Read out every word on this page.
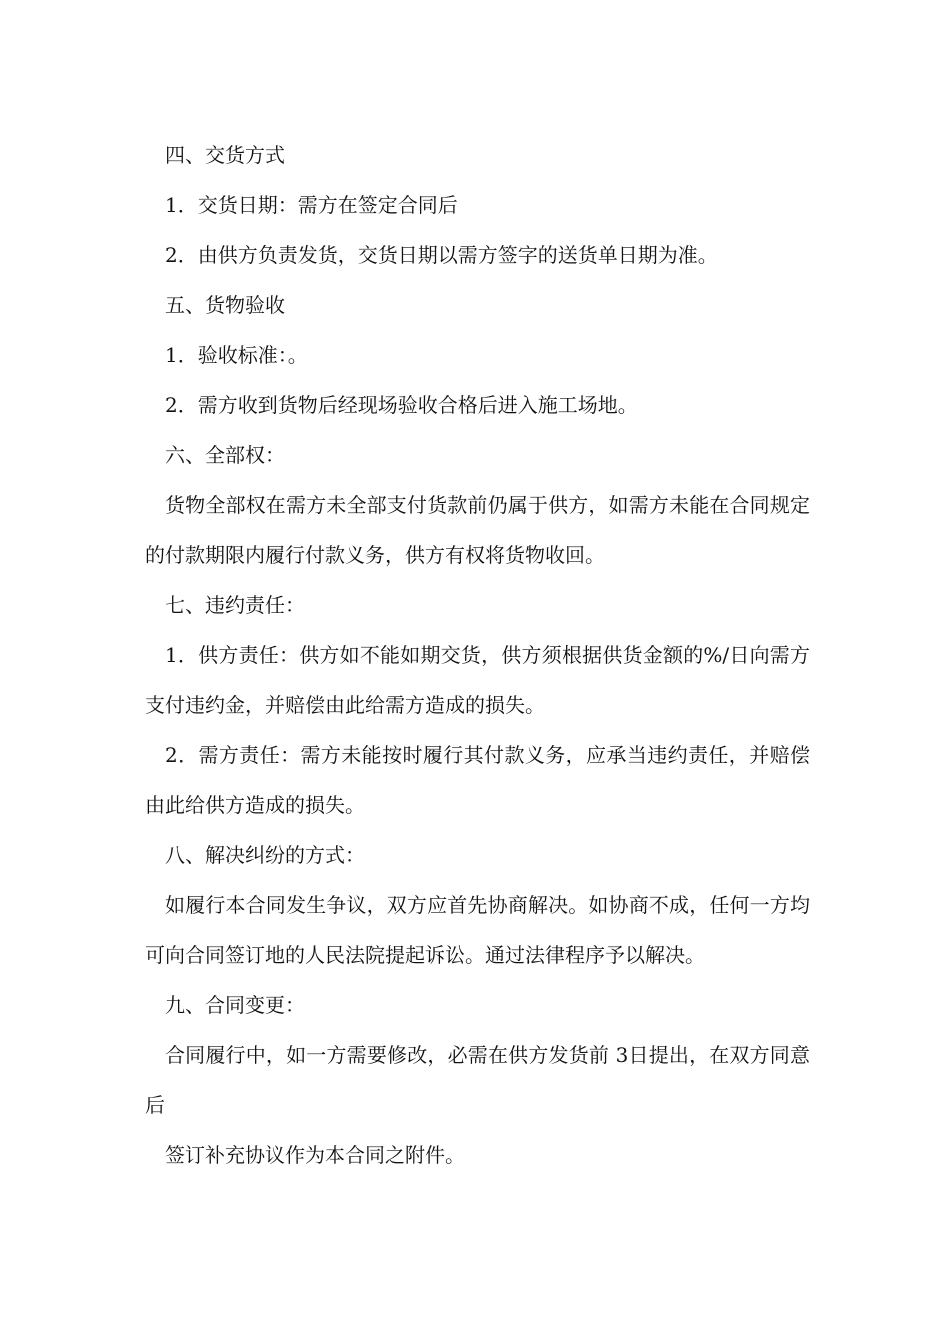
四、交货方式

1．交货日期：需方在签定合同后

2．由供方负责发货，交货日期以需方签字的送货单日期为准。

五、货物验收

1．验收标准：。

2．需方收到货物后经现场验收合格后进入施工场地。

六、全部权：

货物全部权在需方未全部支付货款前仍属于供方，如需方未能在合同规定的付款期限内履行付款义务，供方有权将货物收回。

七、违约责任：

1．供方责任：供方如不能如期交货，供方须根据供货金额的%/日向需方支付违约金，并赔偿由此给需方造成的损失。

2．需方责任：需方未能按时履行其付款义务，应承当违约责任，并赔偿由此给供方造成的损失。

八、解决纠纷的方式：

如履行本合同发生争议，双方应首先协商解决。如协商不成，任何一方均可向合同签订地的人民法院提起诉讼。通过法律程序予以解决。

九、合同变更：

合同履行中，如一方需要修改，必需在供方发货前 3日提出，在双方同意后

签订补充协议作为本合同之附件。
